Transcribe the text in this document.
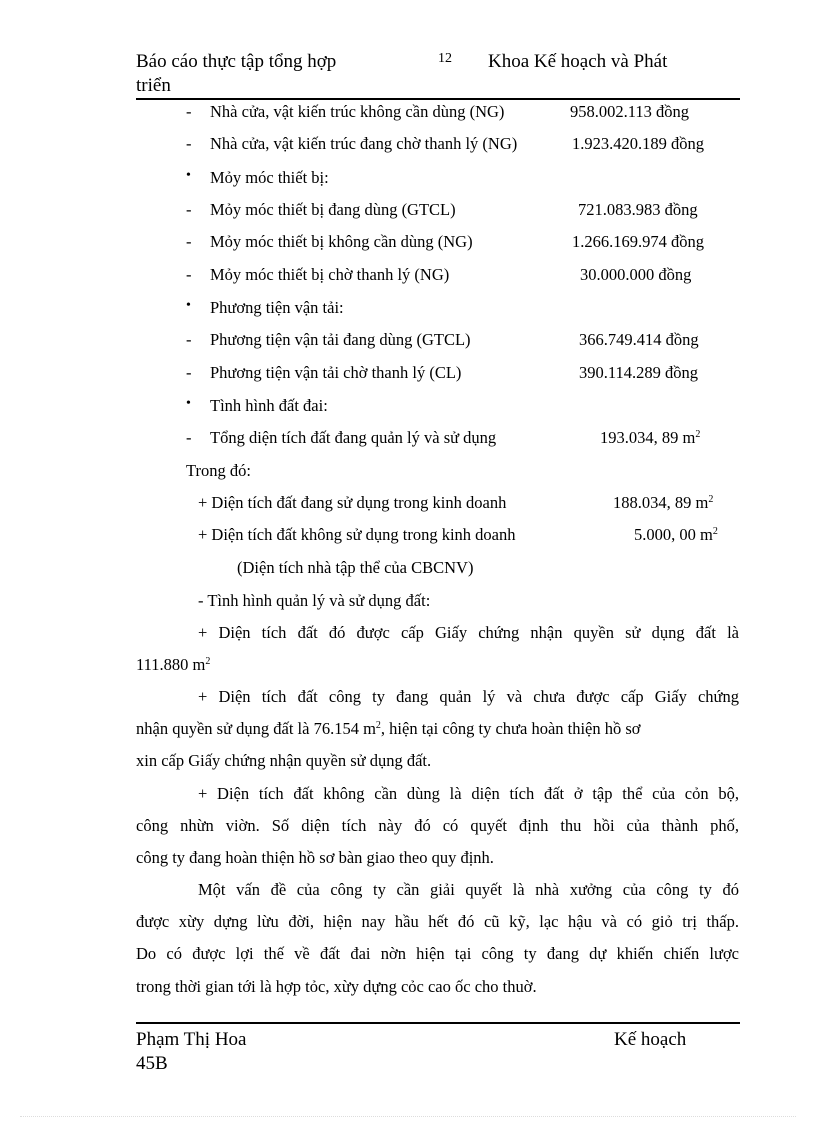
Báo cáo thực tập tổng hợp
triển
12 Khoa Kế hoạch và Phát
- Nhà cửa, vật kiến trúc không cần dùng (NG)	958.002.113 đồng
- Nhà cửa, vật kiến trúc đang chờ thanh lý (NG)	1.923.420.189 đồng
• Mỏy móc thiết bị:
- Mỏy móc thiết bị đang dùng (GTCL)	721.083.983 đồng
- Mỏy móc thiết bị không cần dùng (NG)	1.266.169.974 đồng
- Mỏy móc thiết bị chờ thanh lý (NG)	30.000.000 đồng
• Phương tiện vận tải:
- Phương tiện vận tải đang dùng (GTCL)	366.749.414 đồng
- Phương tiện vận tải chờ thanh lý (CL)	390.114.289 đồng
• Tình hình đất đai:
- Tổng diện tích đất đang quản lý và sử dụng	193.034, 89 $m^2$
Trong đó:
+ Diện tích đất đang sử dụng trong kinh doanh	188.034, 89 $m^2$
+ Diện tích đất không sử dụng trong kinh doanh	5.000, 00 $m^2$
(Diện tích nhà tập thể của CBCNV)
- Tình hình quản lý và sử dụng đất:
+ Diện tích đất đó được cấp Giấy chứng nhận quyền sử dụng đất là
111.880 $m^2$
+ Diện tích đất công ty đang quản lý và chưa được cấp Giấy chứng
nhận quyền sử dụng đất là 76.154 $m^2$, hiện tại công ty chưa hoàn thiện hồ sơ
xin cấp Giấy chứng nhận quyền sử dụng đất.
+ Diện tích đất không cần dùng là diện tích đất ở tập thể của cỏn bộ,
công nhừn viờn. Số diện tích này đó có quyết định thu hồi của thành phố,
công ty đang hoàn thiện hồ sơ bàn giao theo quy định.
Một vấn đề của công ty cần giải quyết là nhà xưởng của công ty đó
được xừy dựng lừu đời, hiện nay hầu hết đó cũ kỹ, lạc hậu và có giỏ trị thấp.
Do có được lợi thế về đất đai nờn hiện tại công ty đang dự khiến chiến lược
trong thời gian tới là hợp tỏc, xừy dựng cỏc cao ốc cho thuờ.
Phạm Thị Hoa
45B
Kế hoạch
